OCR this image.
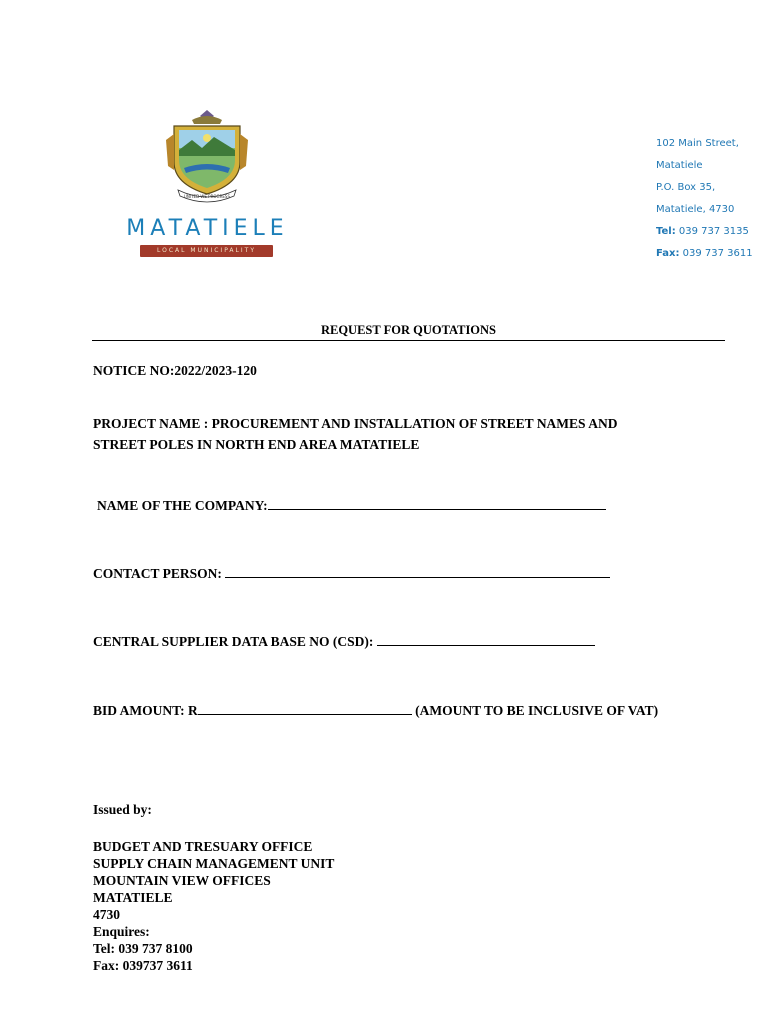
UNITED WE PROGRESS
MATATIELE
LOCAL MUNICIPALITY
102 Main Street,
Matatiele
P.O. Box 35,
Matatiele, 4730
Tel: 039 737 3135
Fax: 039 737 3611
REQUEST FOR QUOTATIONS
NOTICE NO:2022/2023-120
PROJECT NAME : PROCUREMENT AND INSTALLATION OF STREET NAMES AND
STREET POLES IN NORTH END AREA MATATIELE
NAME OF THE COMPANY:
CONTACT PERSON:
CENTRAL SUPPLIER DATA BASE NO (CSD):
BID AMOUNT: R	(AMOUNT TO BE INCLUSIVE OF VAT)
Issued by:
BUDGET AND TRESUARY OFFICE
SUPPLY CHAIN MANAGEMENT UNIT
MOUNTAIN VIEW OFFICES
MATATIELE
4730
Enquires:
Tel: 039 737 8100
Fax: 039737 3611
